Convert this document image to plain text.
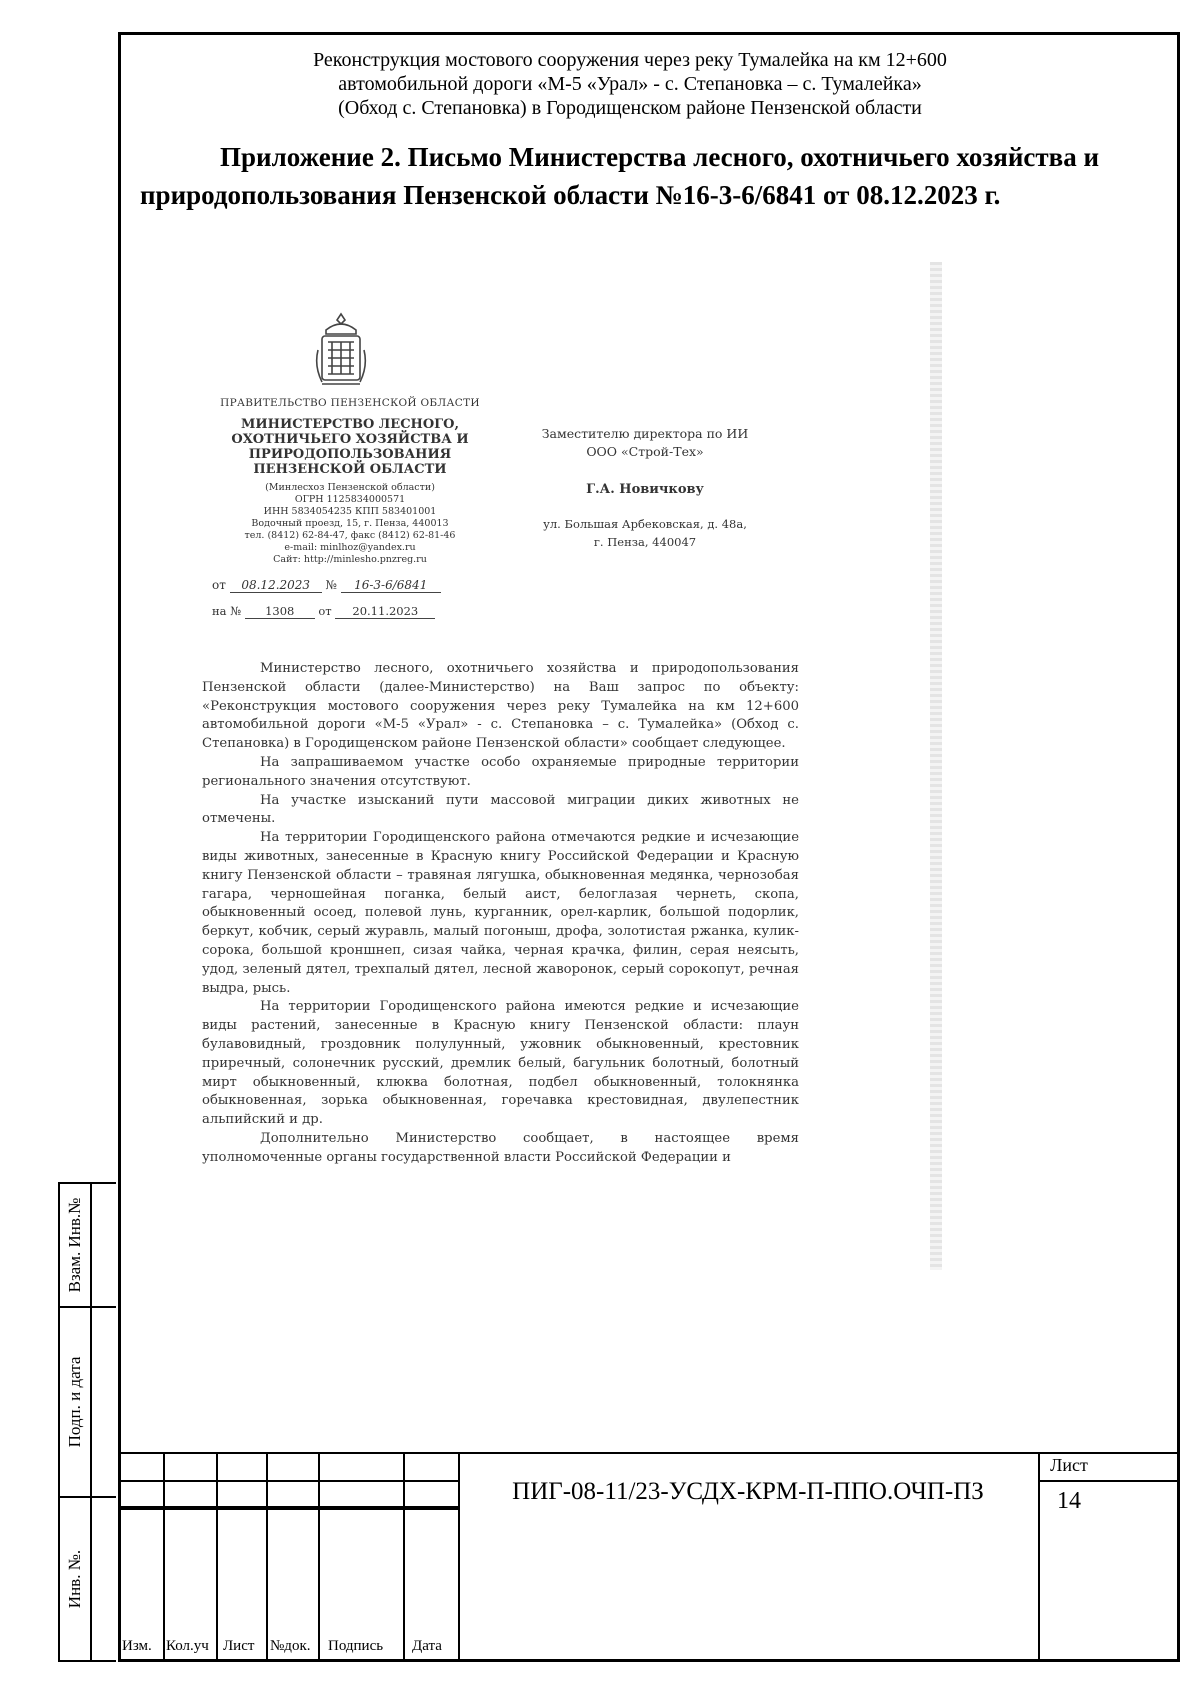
Взам. Инв.№
Подп. и дата
Инв. №.
Реконструкция мостового сооружения через реку Тумалейка на км 12+600
автомобильной дороги «М-5 «Урал» - с. Степановка – с. Тумалейка»
(Обход с. Степановка) в Городищенском районе Пензенской области
Приложение 2. Письмо Министерства лесного, охотничьего хозяйства и
природопользования Пензенской области №16-3-6/6841 от 08.12.2023 г.
ПРАВИТЕЛЬСТВО ПЕНЗЕНСКОЙ ОБЛАСТИ
МИНИСТЕРСТВО ЛЕСНОГО,
ОХОТНИЧЬЕГО ХОЗЯЙСТВА И
ПРИРОДОПОЛЬЗОВАНИЯ
ПЕНЗЕНСКОЙ ОБЛАСТИ
(Минлесхоз Пензенской области)
ОГРН 1125834000571
ИНН 5834054235 КПП 583401001
Водочный проезд, 15, г. Пенза, 440013
тел. (8412) 62-84-47, факс (8412) 62-81-46
e-mail: minlhoz@yandex.ru
Сайт: http://minlesho.pnzreg.ru
от 08.12.2023 № 16-3-6/6841
на № 1308 от 20.11.2023
Заместителю директора по ИИ
ООО «Строй-Тех»
Г.А. Новичкову
ул. Большая Арбековская, д. 48а,
г. Пенза, 440047

Министерство лесного, охотничьего хозяйства и природопользования Пензенской области (далее-Министерство) на Ваш запрос по объекту: «Реконструкция мостового сооружения через реку Тумалейка на км 12+600 автомобильной дороги «М-5 «Урал» - с. Степановка – с. Тумалейка» (Обход с. Степановка) в Городищенском районе Пензенской области» сообщает следующее.

На запрашиваемом участке особо охраняемые природные территории регионального значения отсутствуют.

На участке изысканий пути массовой миграции диких животных не отмечены.

На территории Городищенского района отмечаются редкие и исчезающие виды животных, занесенные в Красную книгу Российской Федерации и Красную книгу Пензенской области – травяная лягушка, обыкновенная медянка, чернозобая гагара, черношейная поганка, белый аист, белоглазая чернеть, скопа, обыкновенный осоед, полевой лунь, курганник, орел-карлик, большой подорлик, беркут, кобчик, серый журавль, малый погоныш, дрофа, золотистая ржанка, кулик-сорока, большой кроншнеп, сизая чайка, черная крачка, филин, серая неясыть, удод, зеленый дятел, трехпалый дятел, лесной жаворонок, серый сорокопут, речная выдра, рысь.

На территории Городищенского района имеются редкие и исчезающие виды растений, занесенные в Красную книгу Пензенской области: плаун булавовидный, гроздовник полулунный, ужовник обыкновенный, крестовник приречный, солонечник русский, дремлик белый, багульник болотный, болотный мирт обыкновенный, клюква болотная, подбел обыкновенный, толокнянка обыкновенная, зорька обыкновенная, горечавка крестовидная, двулепестник альпийский и др.

Дополнительно Министерство сообщает, в настоящее время уполномоченные органы государственной власти Российской Федерации и

Изм. Кол.уч Лист №док. Подпись Дата
ПИГ-08-11/23-УСДХ-КРМ-П-ППО.ОЧП-ПЗ
Лист
14
